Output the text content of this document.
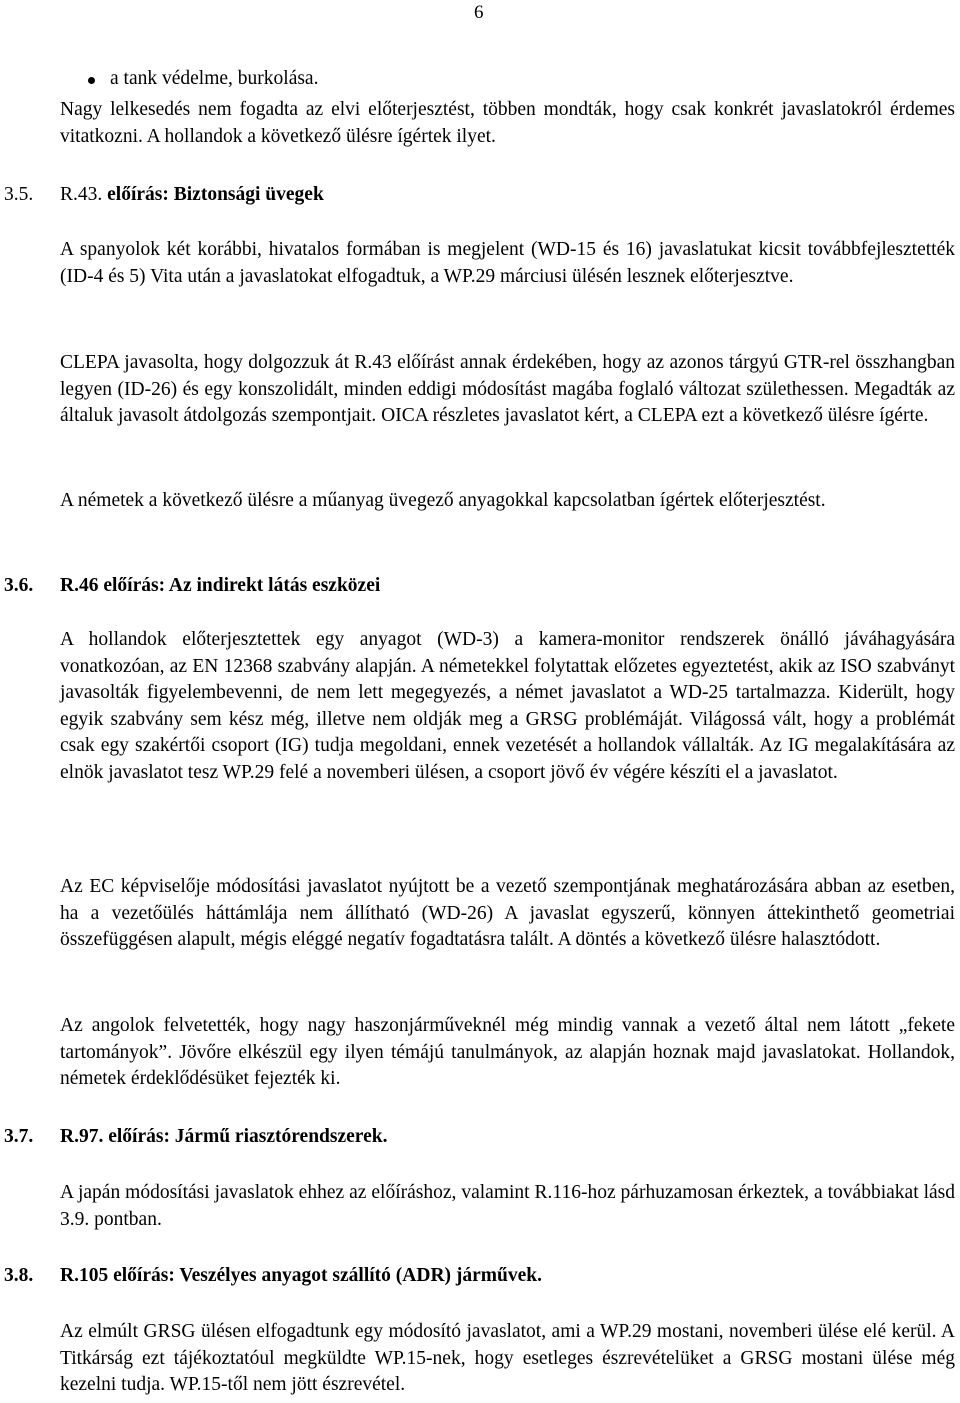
6
a tank védelme, burkolása.

Nagy lelkesedés nem fogadta az elvi előterjesztést, többen mondták, hogy csak konkrét javaslatokról érdemes vitatkozni. A hollandok a következő ülésre ígértek ilyet.

3.5. R.43. előírás: Biztonsági üvegek

A spanyolok két korábbi, hivatalos formában is megjelent (WD-15 és 16) javaslatukat kicsit továbbfejlesztették (ID-4 és 5) Vita után a javaslatokat elfogadtuk, a WP.29 márciusi ülésén lesznek előterjesztve.

CLEPA javasolta, hogy dolgozzuk át R.43 előírást annak érdekében, hogy az azonos tárgyú GTR-rel összhangban legyen (ID-26) és egy konszolidált, minden eddigi módosítást magába foglaló változat születhessen. Megadták az általuk javasolt átdolgozás szempontjait. OICA részletes javaslatot kért, a CLEPA ezt a következő ülésre ígérte.

A németek a következő ülésre a műanyag üvegező anyagokkal kapcsolatban ígértek előterjesztést.

3.6. R.46 előírás: Az indirekt látás eszközei

A hollandok előterjesztettek egy anyagot (WD-3) a kamera-monitor rendszerek önálló jáváhagyására vonatkozóan, az EN 12368 szabvány alapján. A németekkel folytattak előzetes egyeztetést, akik az ISO szabványt javasolták figyelembevenni, de nem lett megegyezés, a német javaslatot a WD-25 tartalmazza. Kiderült, hogy egyik szabvány sem kész még, illetve nem oldják meg a GRSG problémáját. Világossá vált, hogy a problémát csak egy szakértői csoport (IG) tudja megoldani, ennek vezetését a hollandok vállalták. Az IG megalakítására az elnök javaslatot tesz WP.29 felé a novemberi ülésen, a csoport jövő év végére készíti el a javaslatot.

Az EC képviselője módosítási javaslatot nyújtott be a vezető szempontjának meghatározására abban az esetben, ha a vezetőülés háttámlája nem állítható (WD-26) A javaslat egyszerű, könnyen áttekinthető geometriai összefüggésen alapult, mégis eléggé negatív fogadtatásra talált. A döntés a következő ülésre halasztódott.

Az angolok felvetették, hogy nagy haszonjárműveknél még mindig vannak a vezető által nem látott „fekete tartományok”. Jövőre elkészül egy ilyen témájú tanulmányok, az alapján hoznak majd javaslatokat. Hollandok, németek érdeklődésüket fejezték ki.

3.7. R.97. előírás: Jármű riasztórendszerek.

A japán módosítási javaslatok ehhez az előíráshoz, valamint R.116-hoz párhuzamosan érkeztek, a továbbiakat lásd 3.9. pontban.

3.8. R.105 előírás: Veszélyes anyagot szállító (ADR) járművek.

Az elmúlt GRSG ülésen elfogadtunk egy módosító javaslatot, ami a WP.29 mostani, novemberi ülése elé kerül. A Titkárság ezt tájékoztatóul megküldte WP.15-nek, hogy esetleges észrevételüket a GRSG mostani ülése még kezelni tudja. WP.15-től nem jött észrevétel.
